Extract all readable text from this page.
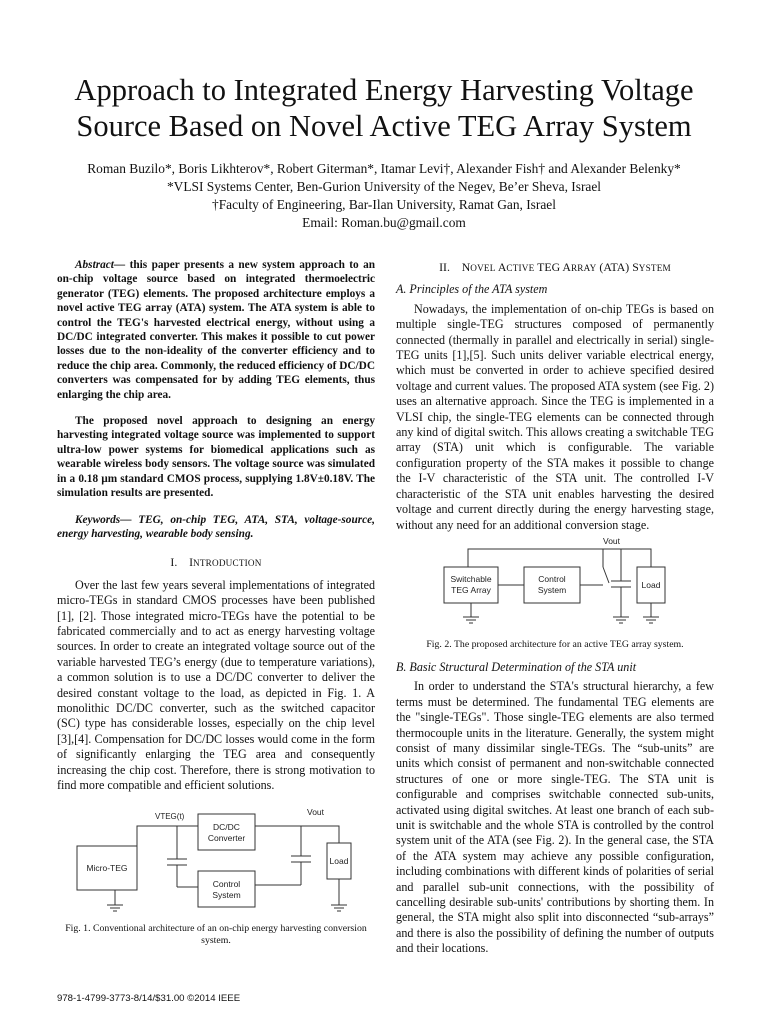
Approach to Integrated Energy Harvesting Voltage
Source Based on Novel Active TEG Array System
Roman Buzilo*, Boris Likhterov*, Robert Giterman*, Itamar Levi†, Alexander Fish† and Alexander Belenky*
*VLSI Systems Center, Ben-Gurion University of the Negev, Be’er Sheva, Israel
†Faculty of Engineering, Bar-Ilan University, Ramat Gan, Israel
Email: Roman.bu@gmail.com

Abstract— this paper presents a new system approach to an on-chip voltage source based on integrated thermoelectric generator (TEG) elements. The proposed architecture employs a novel active TEG array (ATA) system. The ATA system is able to control the TEG's harvested electrical energy, without using a DC/DC integrated converter. This makes it possible to cut power losses due to the non-ideality of the converter efficiency and to reduce the chip area. Commonly, the reduced efficiency of DC/DC converters was compensated for by adding TEG elements, thus enlarging the chip area.

The proposed novel approach to designing an energy harvesting integrated voltage source was implemented to support ultra-low power systems for biomedical applications such as wearable wireless body sensors. The voltage source was simulated in a 0.18 µm standard CMOS process, supplying 1.8V±0.18V. The simulation results are presented.

Keywords— TEG, on-chip TEG, ATA, STA, voltage-source, energy harvesting, wearable body sensing.

I. INTRODUCTION

Over the last few years several implementations of integrated micro-TEGs in standard CMOS processes have been published [1], [2]. Those integrated micro-TEGs have the potential to be fabricated commercially and to act as energy harvesting voltage sources. In order to create an integrated voltage source out of the variable harvested TEG’s energy (due to temperature variations), a common solution is to use a DC/DC converter to deliver the desired constant voltage to the load, as depicted in Fig. 1. A monolithic DC/DC converter, such as the switched capacitor (SC) type has considerable losses, especially on the chip level [3],[4]. Compensation for DC/DC losses would come in the form of significantly enlarging the TEG area and consequently increasing the chip cost. Therefore, there is strong motivation to find more compatible and efficient solutions.

VTEG(t)
DC/DC
Converter
Vout
Micro-TEG
Control
System
Load
Fig. 1. Conventional architecture of an on-chip energy harvesting conversion
system.
II. NOVEL ACTIVE TEG ARRAY (ATA) SYSTEM
A. Principles of the ATA system

Nowadays, the implementation of on-chip TEGs is based on multiple single-TEG structures composed of permanently connected (thermally in parallel and electrically in serial) single-TEG units [1],[5]. Such units deliver variable electrical energy, which must be converted in order to achieve specified desired voltage and current values. The proposed ATA system (see Fig. 2) uses an alternative approach. Since the TEG is implemented in a VLSI chip, the single-TEG elements can be connected through any kind of digital switch. This allows creating a switchable TEG array (STA) unit which is configurable. The variable configuration property of the STA makes it possible to change the I-V characteristic of the STA unit. The controlled I-V characteristic of the STA unit enables harvesting the desired voltage and current directly during the energy harvesting stage, without any need for an additional conversion stage.

Vout
Switchable
TEG Array
Control
System	Load
Fig. 2. The proposed architecture for an active TEG array system.
B. Basic Structural Determination of the STA unit

In order to understand the STA's structural hierarchy, a few terms must be determined. The fundamental TEG elements are the "single-TEGs". Those single-TEG elements are also termed thermocouple units in the literature. Generally, the system might consist of many dissimilar single-TEGs. The “sub-units” are units which consist of permanent and non-switchable connected structures of one or more single-TEG. The STA unit is configurable and comprises switchable connected sub-units, activated using digital switches. At least one branch of each sub-unit is switchable and the whole STA is controlled by the control system unit of the ATA (see Fig. 2). In the general case, the STA of the ATA system may achieve any possible configuration, including combinations with different kinds of polarities of serial and parallel sub-unit connections, with the possibility of cancelling desirable sub-units' contributions by shorting them. In general, the STA might also split into disconnected “sub-arrays” and there is also the possibility of defining the number of outputs and their locations.

978-1-4799-3773-8/14/$31.00 ©2014 IEEE
